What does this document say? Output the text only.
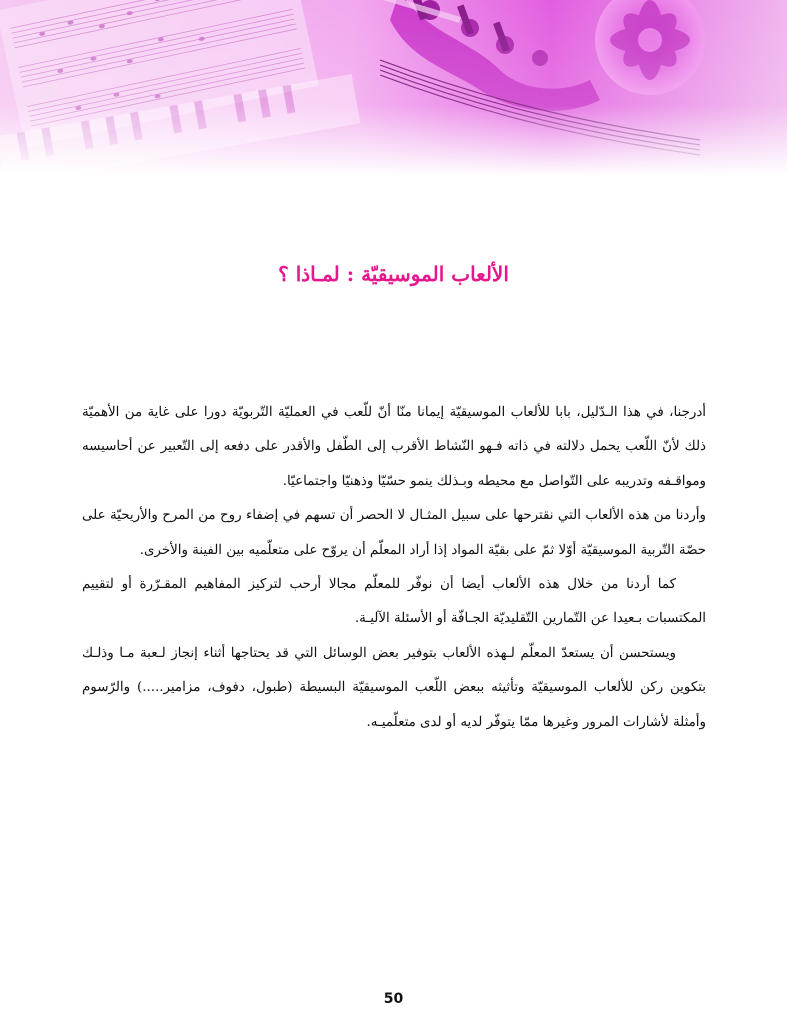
الألعاب الموسيقيّة : لمـاذا ؟

أدرجنا، في هذا الـدّليل، بابا للألعاب الموسيقيّة إيمانا منّا أنّ للّعب في العمليّة التّربويّة دورا على غاية من الأهميّة ذلك لأنّ اللّعب يحمل دلالته في ذاته فـهو النّشاط الأقرب إلى الطّفل والأقدر على دفعه إلى التّعبير عن أحاسيسه ومواقـفه وتدريبه على التّواصل مع محيطه وبـذلك ينمو حسّيّا وذهنيّا واجتماعيّا.

وأردنا من هذه الألعاب التي نقترحها على سبيل المثـال لا الحصر أن تسهم في إضفاء روح من المرح والأريحيّة على حصّة التّربية الموسيقيّة أوّلا ثمّ على بقيّة المواد إذا أراد المعلّم أن يروّح على متعلّميه بين الفينة والأخرى.

كما أردنا من خلال هذه الألعاب أيضا أن نوفّر للمعلّم مجالا أرحب لتركيز المفاهيم المقـرّرة أو لتقييم المكتسبات بـعيدا عن التّمارين التّقليديّة الجـافّة أو الأسئلة الآليـة.

ويستحسن أن يستعدّ المعلّم لـهذه الألعاب بتوفير بعض الوسائل التي قد يحتاجها أثناء إنجاز لـعبة مـا وذلـك بتكوين ركن للألعاب الموسيقيّة وتأثيثه ببعض اللّعب الموسيقيّة البسيطة (طبول، دفوف، مزامير.....) والرّسوم وأمثلة لأشارات المرور وغيرها ممّا يتوفّر لديه أو لدى متعلّميـه.

50
